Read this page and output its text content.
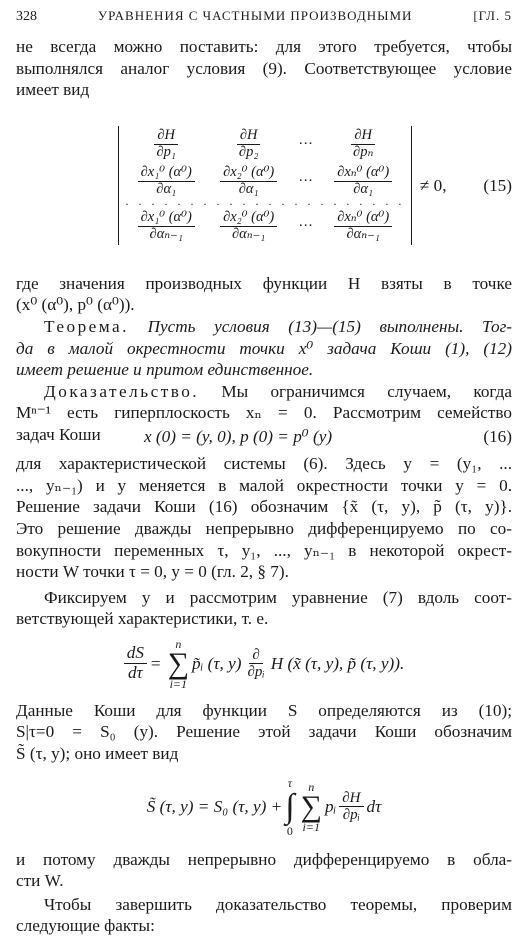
328	УРАВНЕНИЯ С ЧАСТНЫМИ ПРОИЗВОДНЫМИ	[ГЛ. 5
не всегда можно поставить: для этого требуется, чтобы
выполнялся аналог условия (9). Соответствующее условие
имеет вид
$\frac{\partial H}{\text{∂p₁}}$	$\frac{\partial H}{\text{∂p₂}}$	···	$\frac{\partial H}{\text{∂pₙ}}$

$\frac{\text{∂x₁⁰ (α⁰)}}{\text{∂α₁}}$	$\frac{\text{∂x₂⁰ (α⁰)}}{\text{∂α₁}}$	···	$\frac{\text{∂xₙ⁰ (α⁰)}}{\text{∂α₁}}$

· · · · · · · · · · · · · · · · · · · · · ·			

$\frac{\text{∂x₁⁰ (α⁰)}}{\text{∂αₙ₋₁}}$	$\frac{\text{∂x₂⁰ (α⁰)}}{\text{∂αₙ₋₁}}$	···	$\frac{\text{∂xₙ⁰ (α⁰)}}{\text{∂αₙ₋₁}}$
≠ 0, (15)
где значения производных функции H взяты в точке
(x⁰ (α⁰), p⁰ (α⁰)).
Теорема. Пусть условия (13)—(15) выполнены. Тог-
да в малой окрестности точки x⁰ задача Коши (1), (12)
имеет решение и притом единственное.
Доказательство. Мы ограничимся случаем, когда
Mⁿ⁻¹ есть гиперплоскость xₙ = 0. Рассмотрим семейство
задач Коши	x (0) = (y, 0), p (0) = p⁰ (y)	(16)
для характеристической системы (6). Здесь y = (y₁, ...
..., yₙ₋₁) и y меняется в малой окрестности точки y = 0.
Решение задачи Коши (16) обозначим {x̃ (τ, y), p̃ (τ, y)}.
Это решение дважды непрерывно дифференцируемо по со-
вокупности переменных τ, y₁, ..., yₙ₋₁ в некоторой окрест-
ности W точки τ = 0, y = 0 (гл. 2, § 7).
Фиксируем y и рассмотрим уравнение (7) вдоль соот-
ветствующей характеристики, т. е.
$\frac{dS}{d\tau}$ =
n
∑
i=1
p̃ᵢ (τ, $y) \frac{\partial}{\text{∂pᵢ}}$ H (x̃ (τ, y), p̃ (τ, y)).
Данные Коши для функции S определяются из (10);
S|τ=0 = S₀ (y). Решение этой задачи Коши обозначим
S̃ (τ, y); оно имеет вид
S̃ (τ, y) = S₀ (τ, y) +
τ
∫
0
n
∑
i=1
pᵢ $\frac{\partial H}{\text{∂pᵢ}}$ dτ
и потому дважды непрерывно дифференцируемо в обла-
сти W.
Чтобы завершить доказательство теоремы, проверим
следующие факты:
